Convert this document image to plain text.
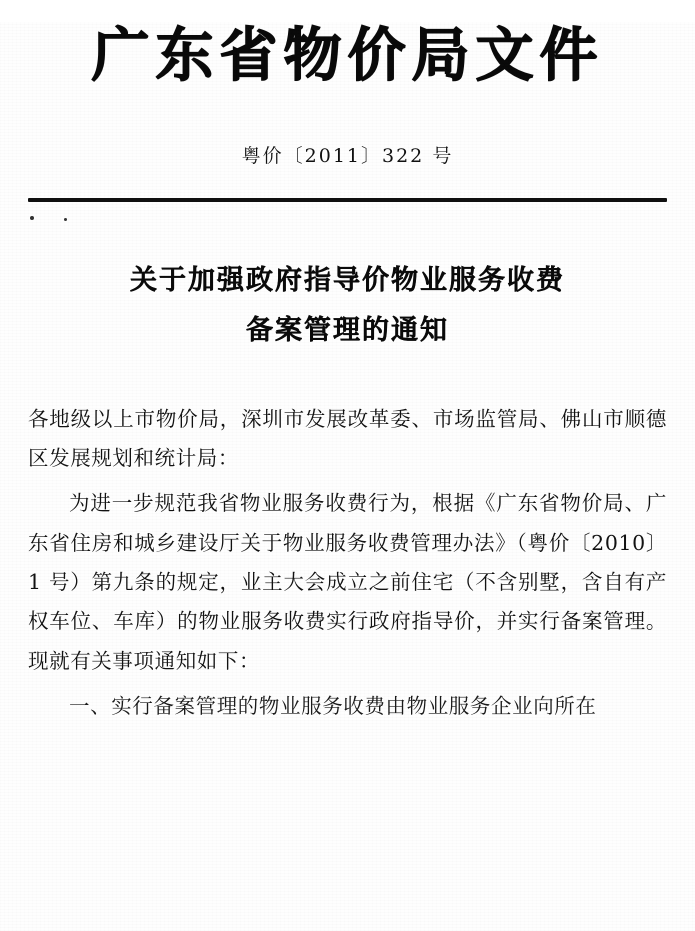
广东省物价局文件
粤价〔2011〕322 号
关于加强政府指导价物业服务收费
备案管理的通知

各地级以上市物价局，深圳市发展改革委、市场监管局、佛山市顺德区发展规划和统计局：

为进一步规范我省物业服务收费行为，根据《广东省物价局、广东省住房和城乡建设厅关于物业服务收费管理办法》（粤价〔2010〕1 号）第九条的规定，业主大会成立之前住宅（不含别墅，含自有产权车位、车库）的物业服务收费实行政府指导价，并实行备案管理。现就有关事项通知如下：

一、实行备案管理的物业服务收费由物业服务企业向所在
